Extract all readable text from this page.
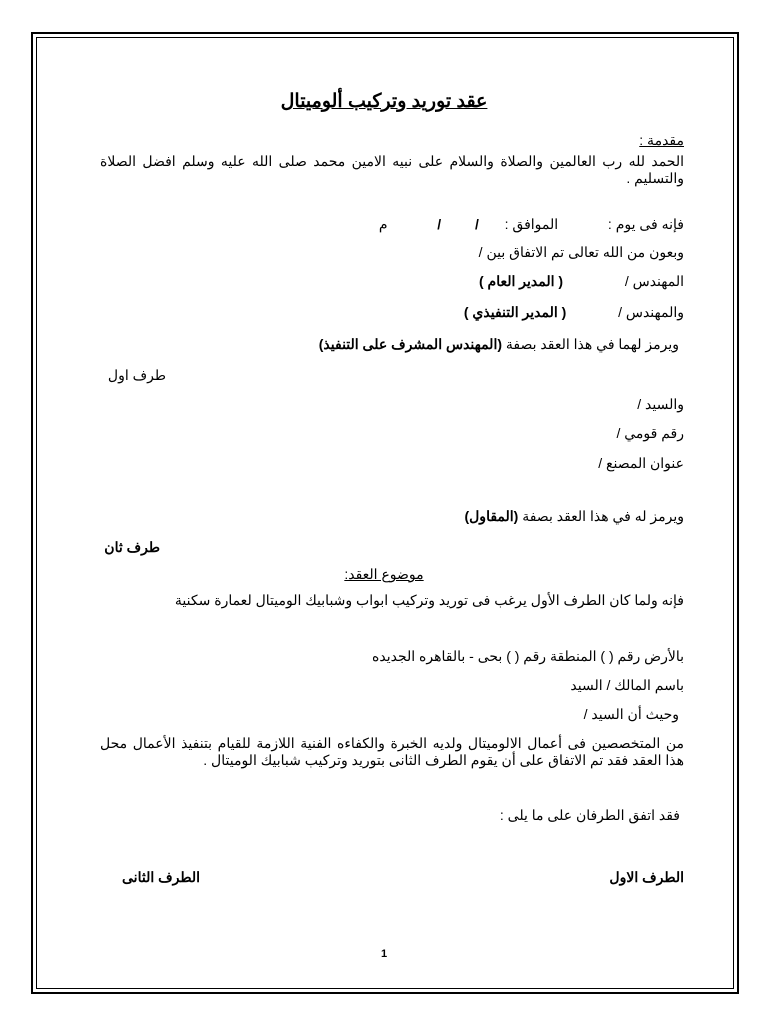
عقد توريد وتركيب ألوميتال
مقدمة :
الحمد لله رب العالمين والصلاة والسلام على نبيه الامين محمد صلى الله عليه وسلم افضل الصلاة والتسليم .
فإنه فى يوم :  الموافق :  /  /  م
وبعون من الله تعالى تم الاتفاق بين /
المهندس /  ( المدير العام )
والمهندس /  ( المدير التنفيذي )
ويرمز لهما في هذا العقد بصفة (المهندس المشرف على التنفيذ)
طرف اول
والسيد /
رقم قومي /
عنوان المصنع /
ويرمز له في هذا العقد بصفة (المقاول)
طرف ثان
موضوع العقد:
فإنه ولما كان الطرف الأول يرغب فى توريد وتركيب ابواب وشبابيك الوميتال لعمارة سكنية
بالأرض رقم ( ) المنطقة رقم ( ) بحى - بالقاهره الجديده
باسم المالك / السيد
وحيث أن السيد /
من المتخصصين فى أعمال الالوميتال ولديه الخبرة والكفاءه الفنية اللازمة للقيام بتنفيذ الأعمال محل هذا العقد فقد تم الاتفاق على أن يقوم الطرف الثانى بتوريد وتركيب شبابيك الوميتال .
فقد اتفق الطرفان على ما يلى :
الطرف الاول
الطرف الثانى
1
